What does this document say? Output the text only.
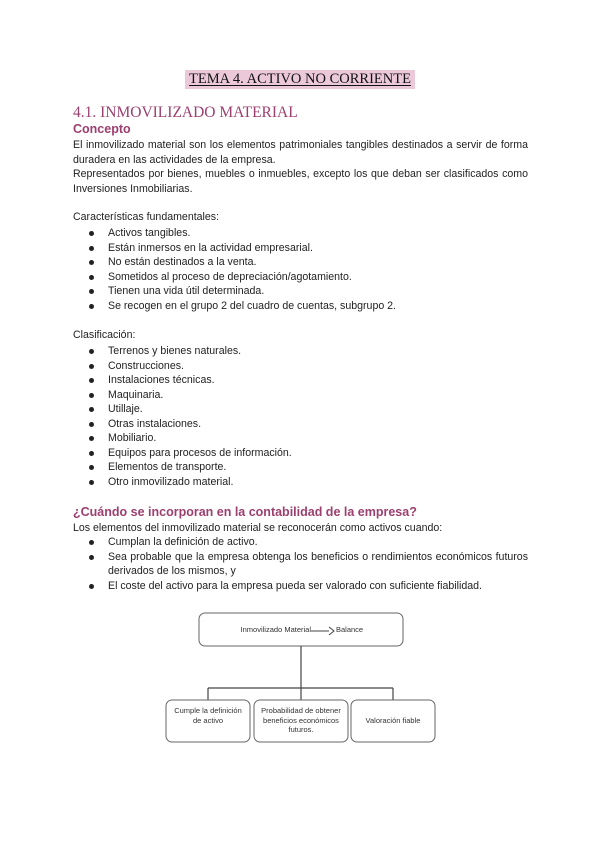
TEMA 4. ACTIVO NO CORRIENTE
4.1. INMOVILIZADO MATERIAL
Concepto
El inmovilizado material son los elementos patrimoniales tangibles destinados a servir de forma duradera en las actividades de la empresa.
Representados por bienes, muebles o inmuebles, excepto los que deban ser clasificados como Inversiones Inmobiliarias.
Características fundamentales:
Activos tangibles.
Están inmersos en la actividad empresarial.
No están destinados a la venta.
Sometidos al proceso de depreciación/agotamiento.
Tienen una vida útil determinada.
Se recogen en el grupo 2 del cuadro de cuentas, subgrupo 2.
Clasificación:
Terrenos y bienes naturales.
Construcciones.
Instalaciones técnicas.
Maquinaria.
Utillaje.
Otras instalaciones.
Mobiliario.
Equipos para procesos de información.
Elementos de transporte.
Otro inmovilizado material.
¿Cuándo se incorporan en la contabilidad de la empresa?
Los elementos del inmovilizado material se reconocerán como activos cuando:
Cumplan la definición de activo.
Sea probable que la empresa obtenga los beneficios o rendimientos económicos futuros derivados de los mismos, y
El coste del activo para la empresa pueda ser valorado con suficiente fiabilidad.
Inmovilizado Material	Balance
Cumple la definición de activo
Probabilidad de obtener beneficios económicos futuros.
Valoración fiable
